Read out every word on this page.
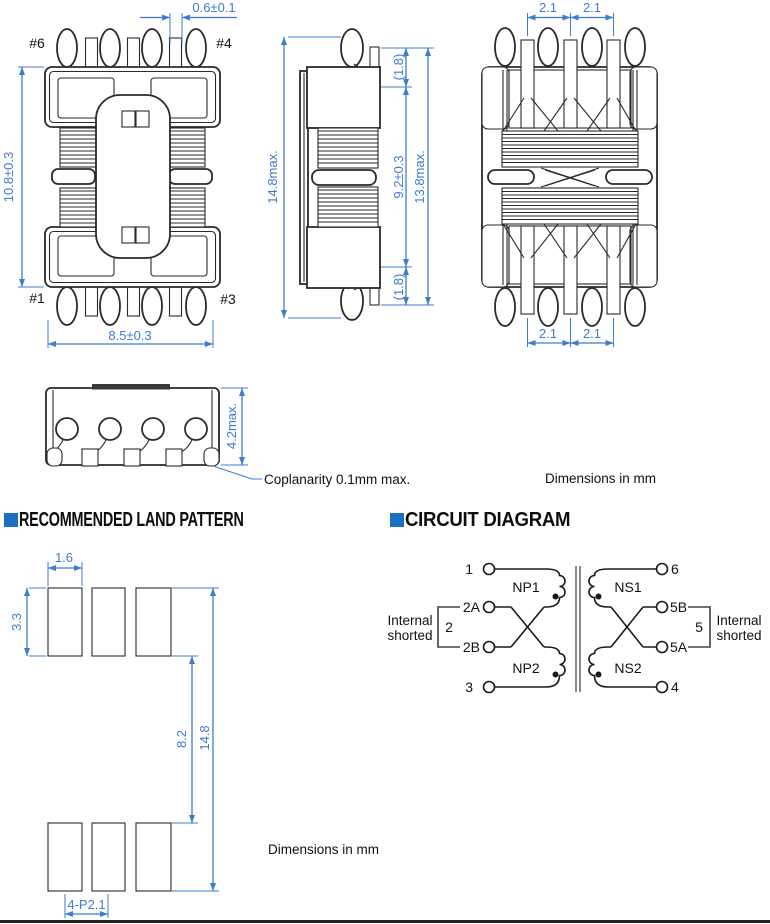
0.6±0.1
#6	#4
10.8±0.3
#1	#3
8.5±0.3
14.8max.
(1.8)
9.2±0.3
(1.8)
13.8max.
2.1 2.1
2.1 2.1
4.2max.
Coplanarity 0.1mm max.	Dimensions in mm
RECOMMENDED LAND PATTERN	CIRCUIT DIAGRAM
1.6
3.3
8.2 14.8
4-P2.1
1
2A
2B
3
6
5B
5A
4
NP1
NP2
NS1
NS2
2	5
Internal
shorted
Internal
shorted
Dimensions in mm
